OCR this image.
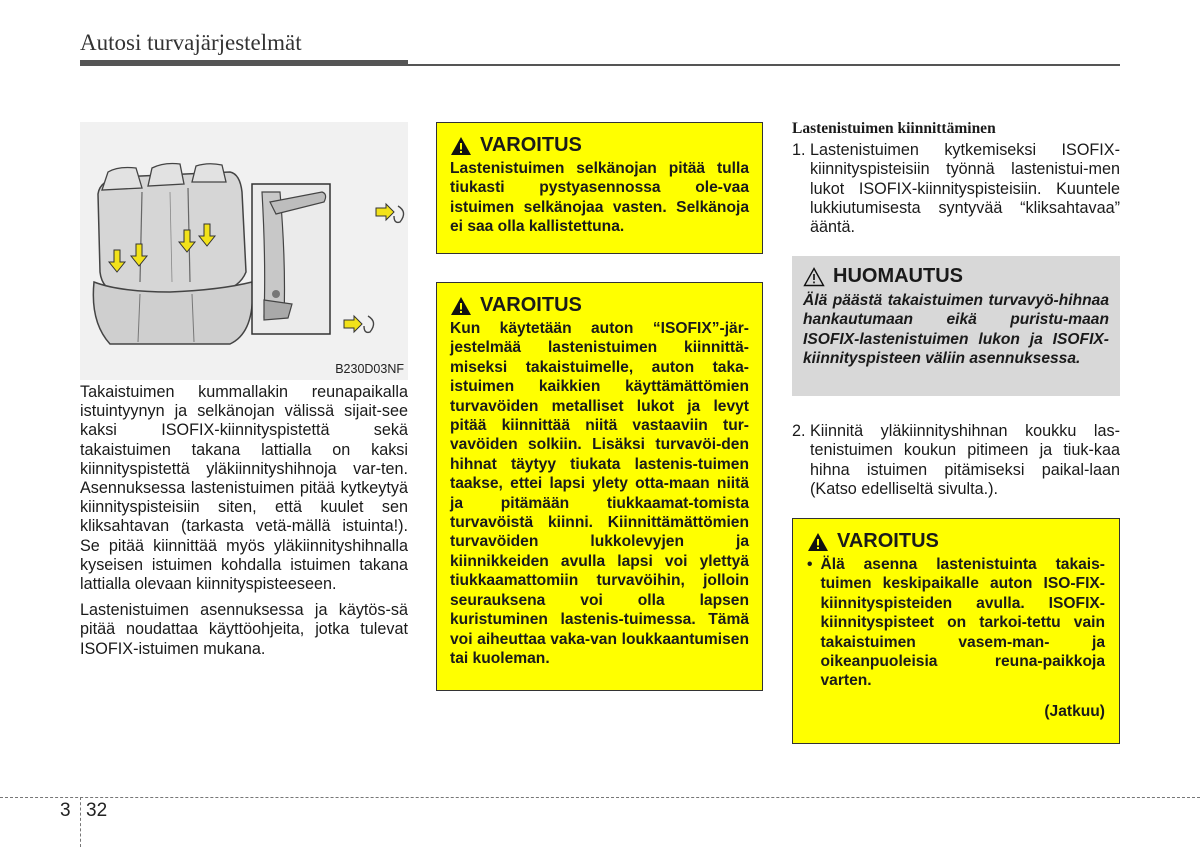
Autosi turvajärjestelmät
B230D03NF

Takaistuimen kummallakin reunapaikalla istuintyynyn ja selkänojan välissä sijait-see kaksi ISOFIX-kiinnityspistettä sekä takaistuimen takana lattialla on kaksi kiinnityspistettä yläkiinnityshihnoja var-ten. Asennuksessa lastenistuimen pitää kytkeytyä kiinnityspisteisiin siten, että kuulet sen kliksahtavan (tarkasta vetä-mällä istuinta!). Se pitää kiinnittää myös yläkiinnityshihnalla kyseisen istuimen kohdalla istuimen takana lattialla olevaan kiinnityspisteeseen.

Lastenistuimen asennuksessa ja käytös-sä pitää noudattaa käyttöohjeita, jotka tulevat ISOFIX-istuimen mukana.

VAROITUS
Lastenistuimen selkänojan pitää tulla tiukasti pystyasennossa ole-vaa istuimen selkänojaa vasten. Selkänoja ei saa olla kallistettuna.
VAROITUS
Kun käytetään auton “ISOFIX”-jär-jestelmää lastenistuimen kiinnittä-miseksi takaistuimelle, auton taka-istuimen kaikkien käyttämättömien turvavöiden metalliset lukot ja levyt pitää kiinnittää niitä vastaaviin tur-vavöiden solkiin. Lisäksi turvavöi-den hihnat täytyy tiukata lastenis-tuimen taakse, ettei lapsi ylety otta-maan niitä ja pitämään tiukkaamat-tomista turvavöistä kiinni. Kiinnittämättömien turvavöiden lukkolevyjen ja kiinnikkeiden avulla lapsi voi ylettyä tiukkaamattomiin turvavöihin, jolloin seurauksena voi olla lapsen kuristuminen lastenis-tuimessa. Tämä voi aiheuttaa vaka-van loukkaantumisen tai kuoleman.
Lastenistuimen kiinnittäminen
1. Lastenistuimen kytkemiseksi ISOFIX-kiinnityspisteisiin työnnä lastenistui-men lukot ISOFIX-kiinnityspisteisiin. Kuuntele lukkiutumisesta syntyvää “kliksahtavaa” ääntä.
HUOMAUTUS
Älä päästä takaistuimen turvavyö-hihnaa hankautumaan eikä puristu-maan ISOFIX-lastenistuimen lukon ja ISOFIX-kiinnityspisteen väliin asennuksessa.
2. Kiinnitä yläkiinnityshihnan koukku las-tenistuimen koukun pitimeen ja tiuk-kaa hihna istuimen pitämiseksi paikal-laan (Katso edelliseltä sivulta.).
VAROITUS
• Älä asenna lastenistuinta takais-tuimen keskipaikalle auton ISO-FIX-kiinnityspisteiden avulla. ISOFIX-kiinnityspisteet on tarkoi-tettu vain takaistuimen vasem-man- ja oikeanpuoleisia reuna-paikkoja varten.
(Jatkuu)
3 32
